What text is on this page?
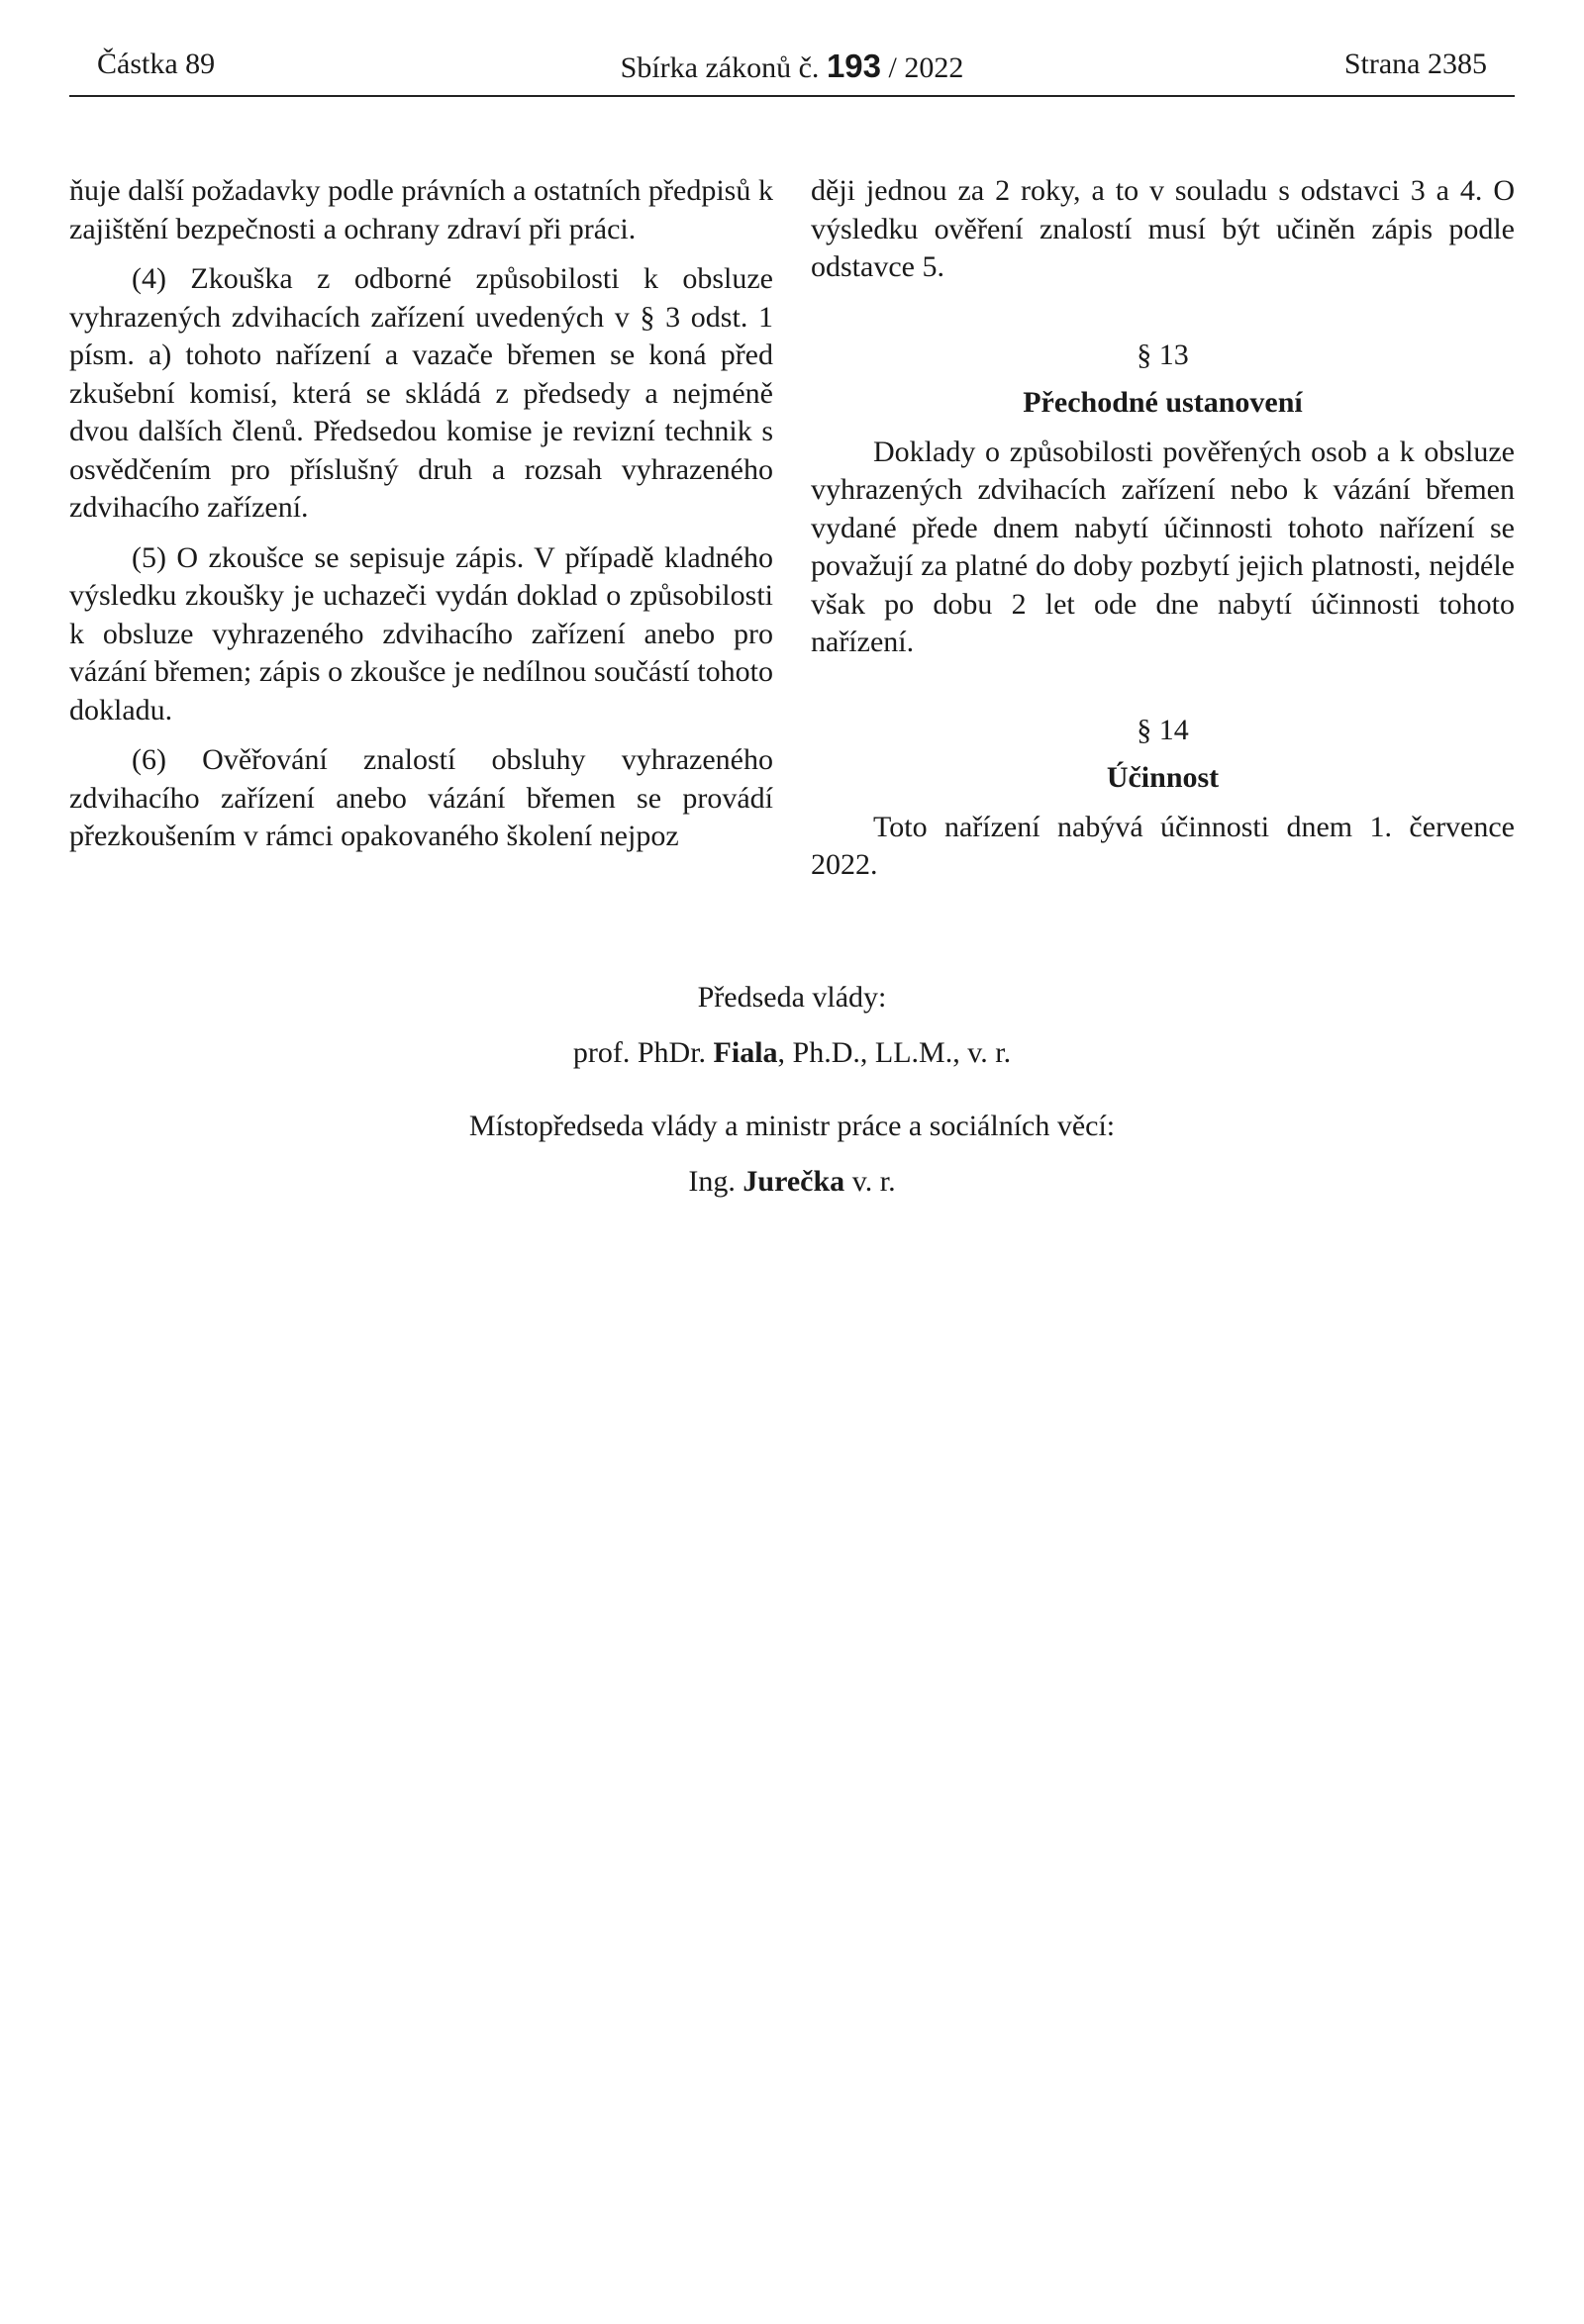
Částka 89	Sbírka zákonů č. 193 / 2022	Strana 2385

ňuje další požadavky podle právních a ostatních předpisů k zajištění bezpečnosti a ochrany zdraví při práci.

(4) Zkouška z odborné způsobilosti k obsluze vyhrazených zdvihacích zařízení uvedených v § 3 odst. 1 písm. a) tohoto nařízení a vazače břemen se koná před zkušební komisí, která se skládá z předsedy a nejméně dvou dalších členů. Předsedou komise je revizní technik s osvědčením pro příslušný druh a rozsah vyhrazeného zdvihacího zařízení.

(5) O zkoušce se sepisuje zápis. V případě kladného výsledku zkoušky je uchazeči vydán doklad o způsobilosti k obsluze vyhrazeného zdvihacího zařízení anebo pro vázání břemen; zápis o zkoušce je nedílnou součástí tohoto dokladu.

(6) Ověřování znalostí obsluhy vyhrazeného zdvihacího zařízení anebo vázání břemen se provádí přezkoušením v rámci opakovaného školení nejpoz

ději jednou za 2 roky, a to v souladu s odstavci 3 a 4. O výsledku ověření znalostí musí být učiněn zápis podle odstavce 5.

§ 13
Přechodné ustanovení

Doklady o způsobilosti pověřených osob a k obsluze vyhrazených zdvihacích zařízení nebo k vázání břemen vydané přede dnem nabytí účinnosti tohoto nařízení se považují za platné do doby pozbytí jejich platnosti, nejdéle však po dobu 2 let ode dne nabytí účinnosti tohoto nařízení.

§ 14
Účinnost

Toto nařízení nabývá účinnosti dnem 1. července 2022.

Předseda vlády:

prof. PhDr. Fiala, Ph.D., LL.M., v. r.

Místopředseda vlády a ministr práce a sociálních věcí:

Ing. Jurečka v. r.
